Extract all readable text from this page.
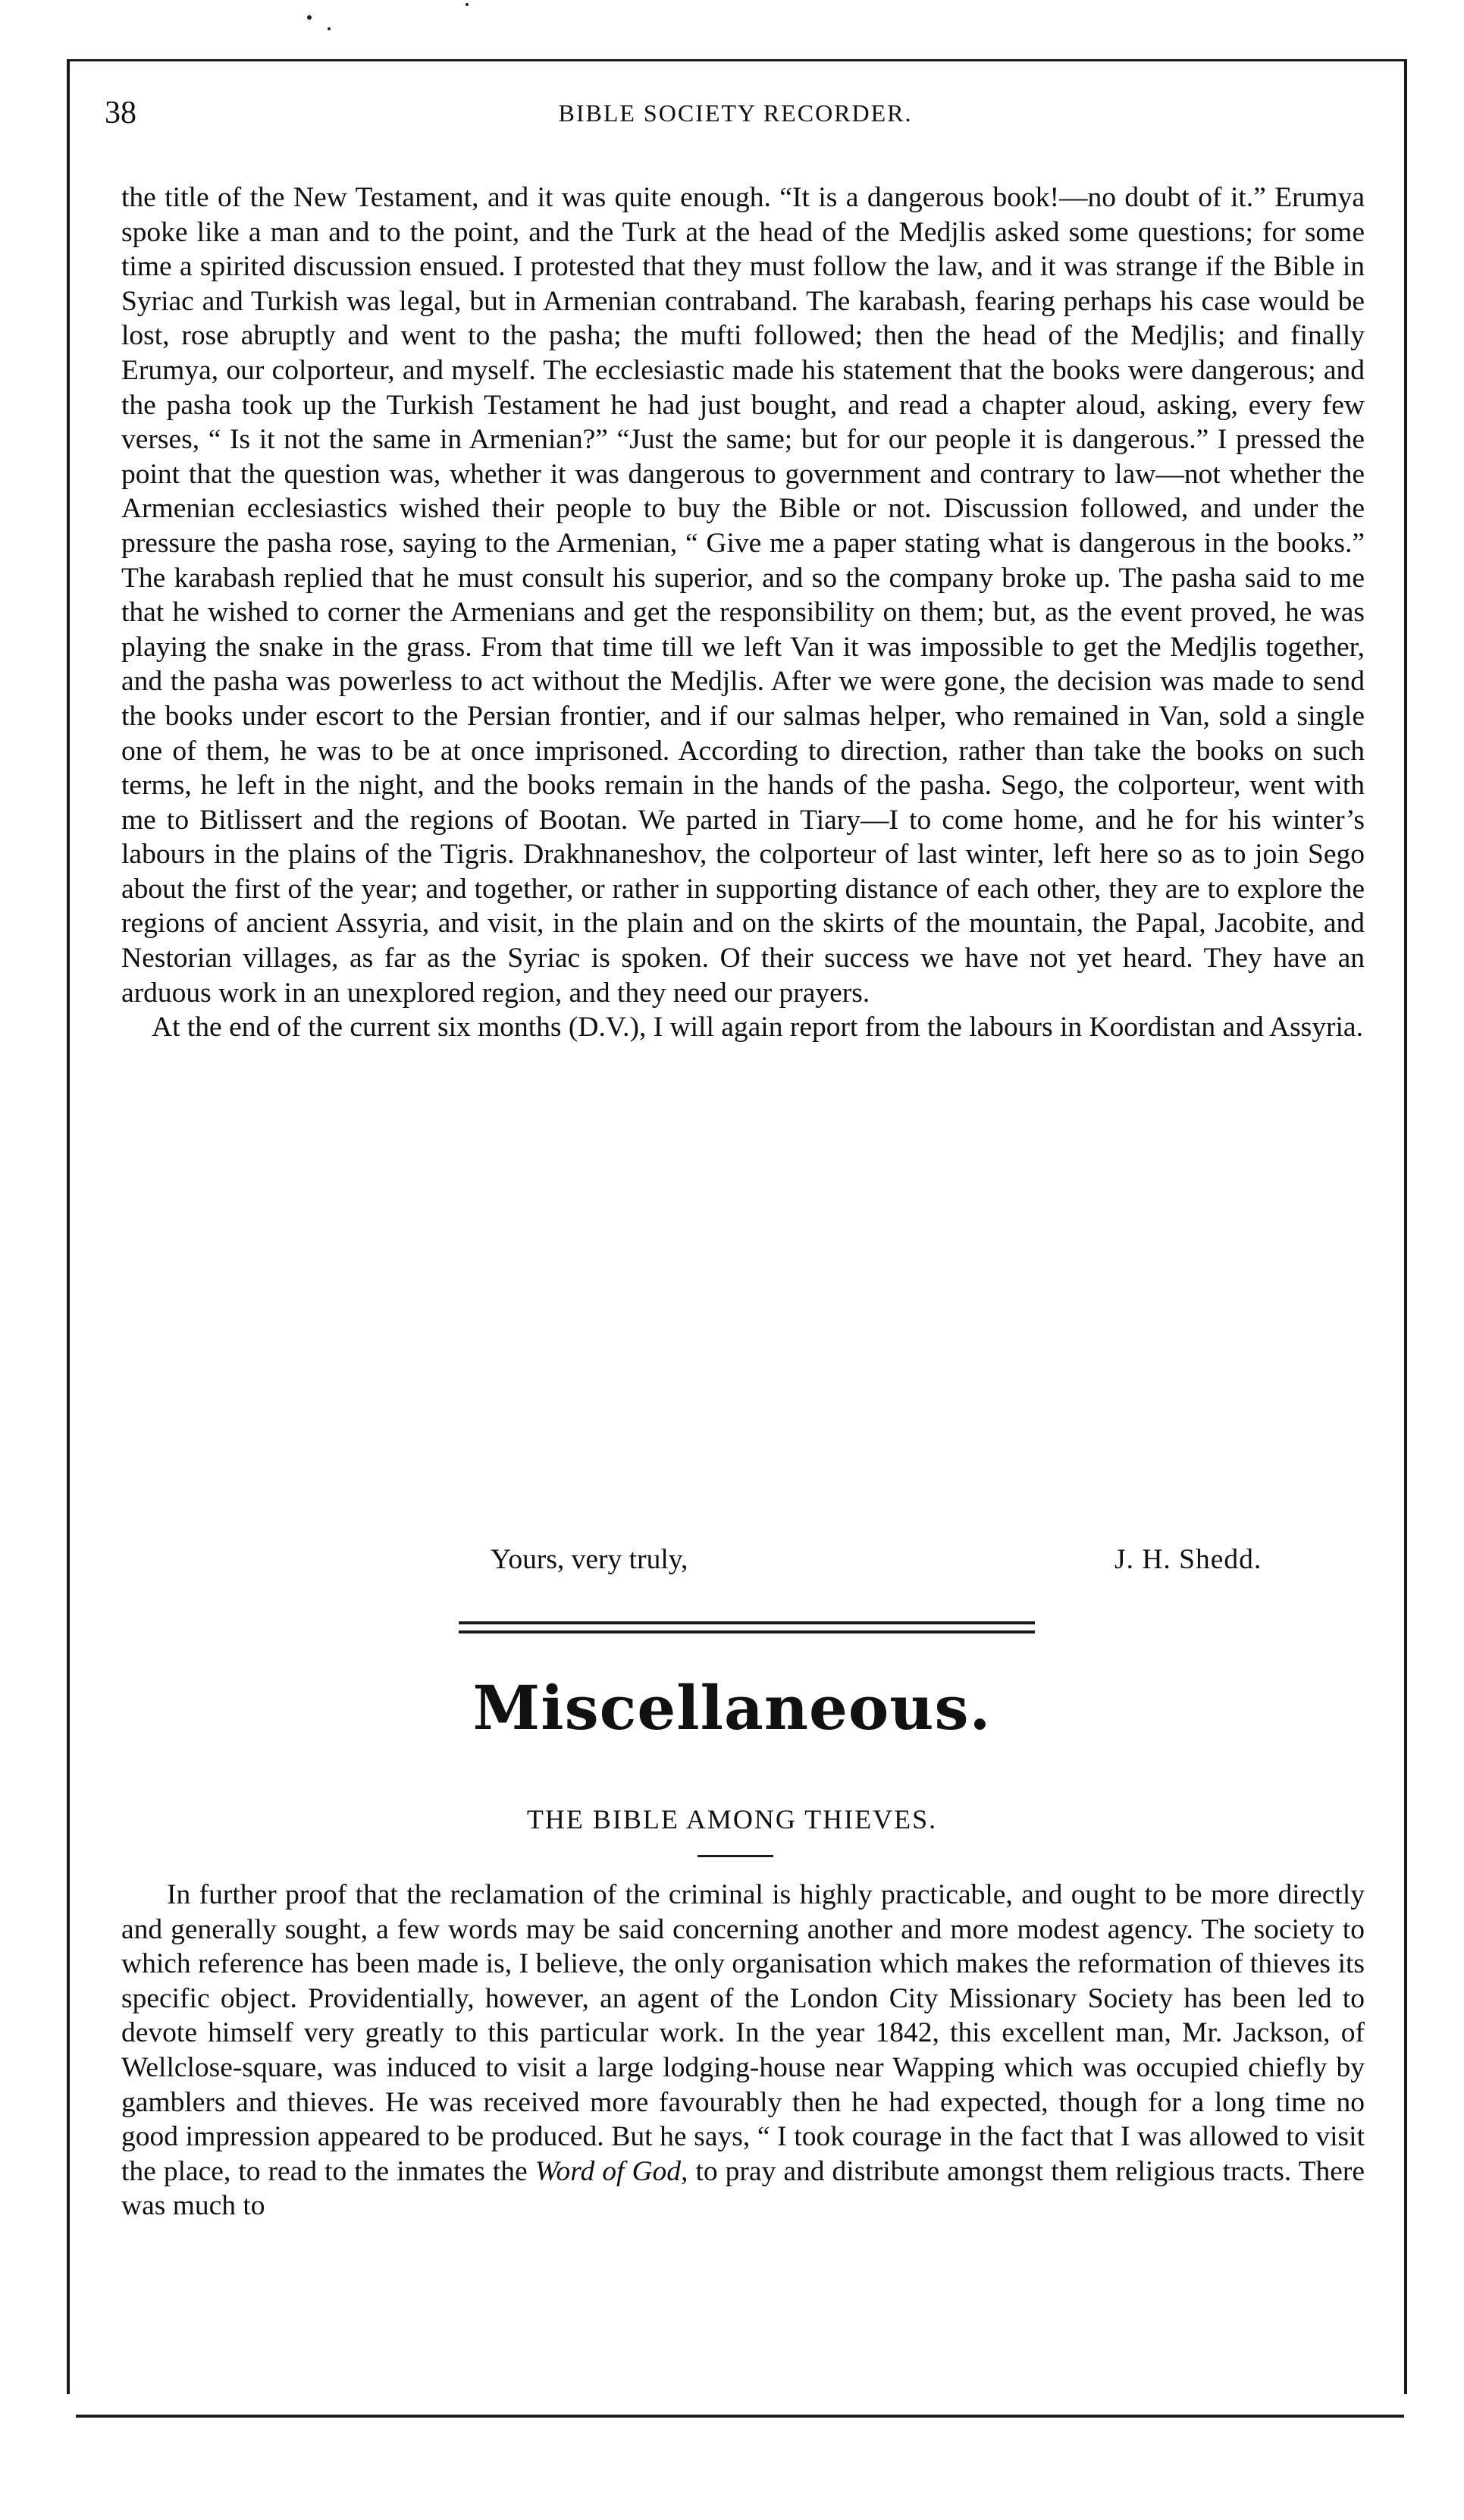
38	BIBLE SOCIETY RECORDER.

the title of the New Testament, and it was quite enough. “It is a dangerous book!—no doubt of it.” Erumya spoke like a man and to the point, and the Turk at the head of the Medjlis asked some questions; for some time a spirited discussion ensued. I protested that they must follow the law, and it was strange if the Bible in Syriac and Turkish was legal, but in Armenian contraband. The karabash, fearing perhaps his case would be lost, rose abruptly and went to the pasha; the mufti followed; then the head of the Medjlis; and finally Erumya, our colporteur, and myself. The ecclesiastic made his statement that the books were dangerous; and the pasha took up the Turkish Testament he had just bought, and read a chapter aloud, asking, every few verses, “ Is it not the same in Armenian?” “Just the same; but for our people it is dangerous.” I pressed the point that the question was, whether it was dangerous to government and contrary to law—not whether the Armenian ecclesiastics wished their people to buy the Bible or not. Discussion followed, and under the pressure the pasha rose, saying to the Armenian, “ Give me a paper stating what is dangerous in the books.” The karabash replied that he must consult his superior, and so the company broke up. The pasha said to me that he wished to corner the Armenians and get the responsibility on them; but, as the event proved, he was playing the snake in the grass. From that time till we left Van it was impossible to get the Medjlis together, and the pasha was powerless to act without the Medjlis. After we were gone, the decision was made to send the books under escort to the Persian frontier, and if our salmas helper, who remained in Van, sold a single one of them, he was to be at once imprisoned. According to direction, rather than take the books on such terms, he left in the night, and the books remain in the hands of the pasha. Sego, the colporteur, went with me to Bitlissert and the regions of Bootan. We parted in Tiary—I to come home, and he for his winter’s labours in the plains of the Tigris. Drakhnaneshov, the colporteur of last winter, left here so as to join Sego about the first of the year; and together, or rather in supporting distance of each other, they are to explore the regions of ancient Assyria, and visit, in the plain and on the skirts of the mountain, the Papal, Jacobite, and Nestorian villages, as far as the Syriac is spoken. Of their success we have not yet heard. They have an arduous work in an unexplored region, and they need our prayers.

At the end of the current six months (D.V.), I will again report from the labours in Koordistan and Assyria.

Yours, very truly,	J. H. Shedd.
Miscellaneous.
THE BIBLE AMONG THIEVES.
In further proof that the reclamation of the criminal is highly practicable, and ought to be more directly and generally sought, a few words may be said concerning another and more modest agency. The society to which reference has been made is, I believe, the only organisation which makes the reformation of thieves its specific object. Providentially, however, an agent of the London City Missionary Society has been led to devote himself very greatly to this particular work. In the year 1842, this excellent man, Mr. Jackson, of Wellclose-square, was induced to visit a large lodging-house near Wapping which was occupied chiefly by gamblers and thieves. He was received more favourably then he had expected, though for a long time no good impression appeared to be produced. But he says, “ I took courage in the fact that I was allowed to visit the place, to read to the inmates the Word of God, to pray and distribute amongst them religious tracts. There was much to
